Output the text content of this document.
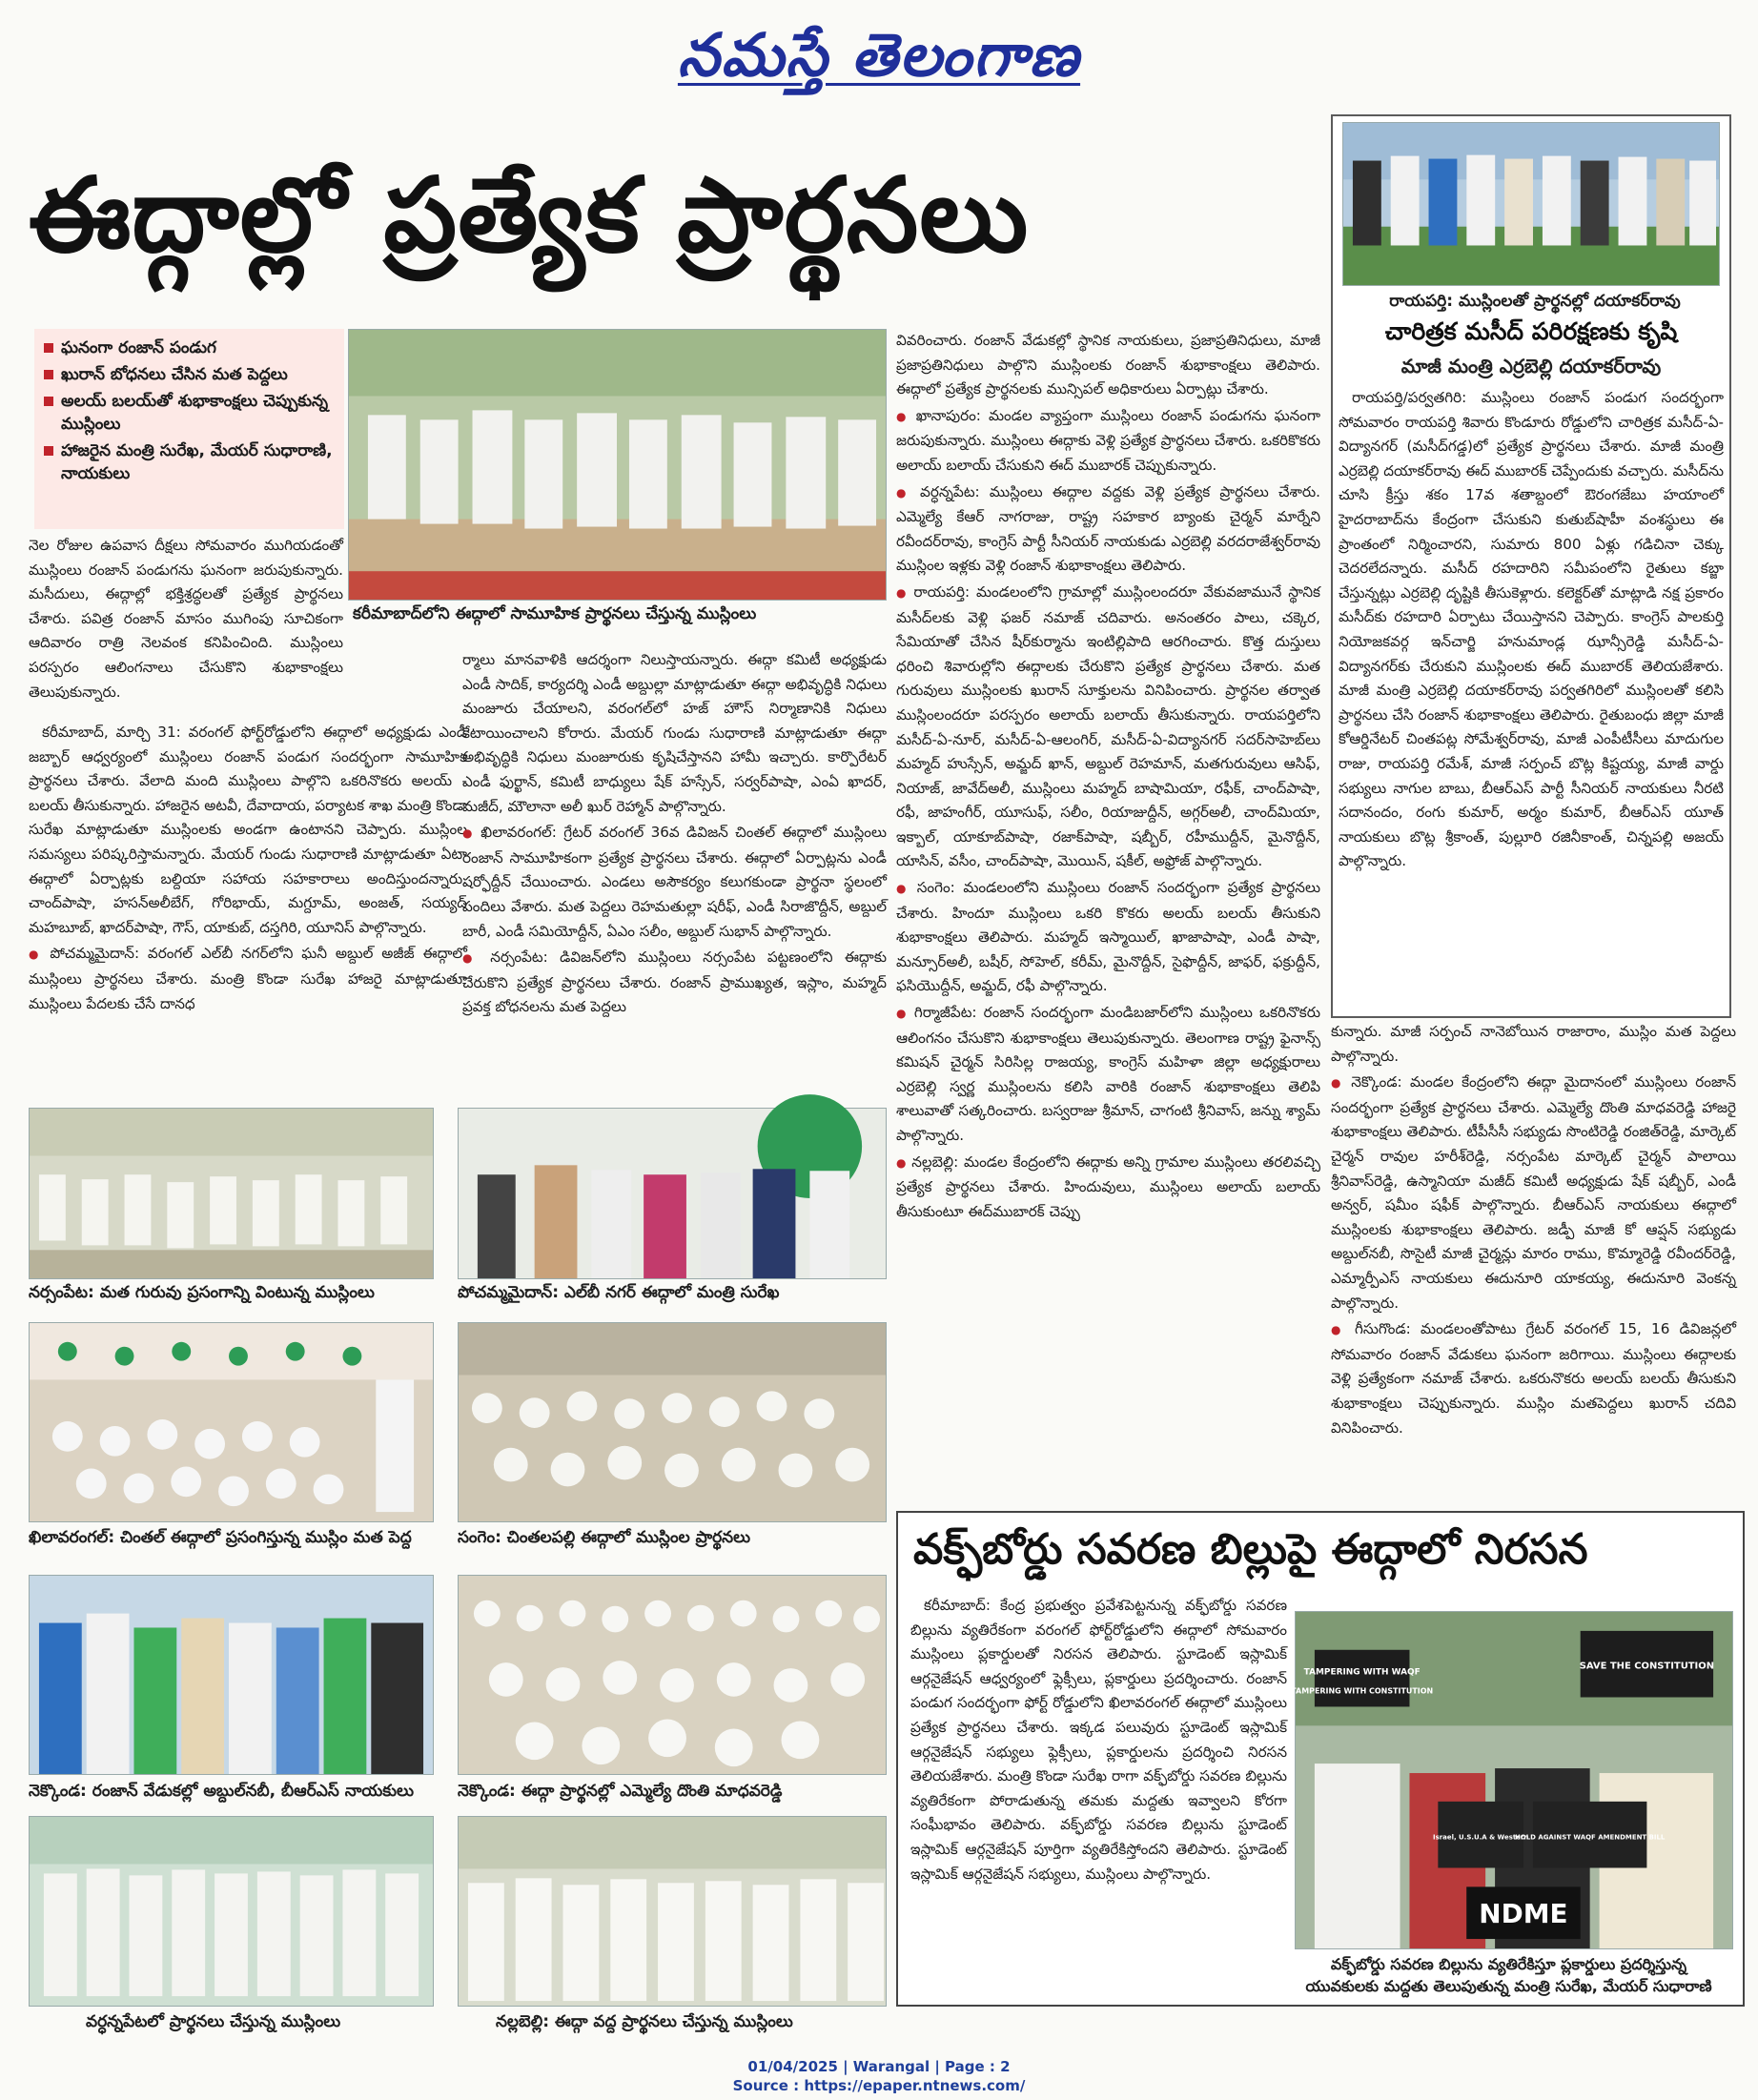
నమస్తే తెలంగాణ
ఈద్గాల్లో ప్రత్యేక ప్రార్థనలు
ఘనంగా రంజాన్ పండుగ
ఖురాన్ బోధనలు చేసిన మత పెద్దలు
అలయ్ బలయ్‌తో శుభాకాంక్షలు చెప్పుకున్న ముస్లింలు
హాజరైన మంత్రి సురేఖ, మేయర్ సుధారాణి, నాయకులు
కరీమాబాద్‌లోని ఈద్గాలో సామూహిక ప్రార్థనలు చేస్తున్న ముస్లింలు

నెల రోజుల ఉపవాస దీక్షలు సోమవారం ముగియడంతో ముస్లింలు రంజాన్ పండుగను ఘనంగా జరుపుకున్నారు. మసీదులు, ఈద్గాల్లో భక్తిశ్రద్ధలతో ప్రత్యేక ప్రార్థనలు చేశారు. పవిత్ర రంజాన్ మాసం ముగింపు సూచికంగా ఆదివారం రాత్రి నెలవంక కనిపించింది. ముస్లింలు పరస్పరం ఆలింగనాలు చేసుకొని శుభాకాంక్షలు తెలుపుకున్నారు.

కరీమాబాద్, మార్చి 31: వరంగల్ ఫోర్ట్‌రోడ్డులోని ఈద్గాలో అధ్యక్షుడు ఎండీ జబ్బార్ ఆధ్వర్యంలో ముస్లింలు రంజాన్ పండుగ సందర్భంగా సామూహిక ప్రార్థనలు చేశారు. వేలాది మంది ముస్లింలు పాల్గొని ఒకరినొకరు అలయ్ - బలయ్ తీసుకున్నారు. హాజరైన అటవీ, దేవాదాయ, పర్యాటక శాఖ మంత్రి కొండా సురేఖ మాట్లాడుతూ ముస్లింలకు అండగా ఉంటానని చెప్పారు. ముస్లింల సమస్యలు పరిష్కరిస్తామన్నారు. మేయర్ గుండు సుధారాణి మాట్లాడుతూ ఏటా ఈద్గాలో ఏర్పాట్లకు బల్దియా సహాయ సహకారాలు అందిస్తుందన్నారు. చాంద్‌పాషా, హసన్‌అలీబేగ్, గోరిభాయ్, మగ్దూమ్, అంజత్, సయ్యద్ మహబూబ్, ఖాదర్‌పాషా, గౌస్, యాకుబ్, దస్తగిరి, యూనిస్ పాల్గొన్నారు.

● పోచమ్మమైదాన్: వరంగల్ ఎల్‌బీ నగర్‌లోని ఘనీ అబ్దుల్ అజీజ్ ఈద్గాలో ముస్లింలు ప్రార్థనలు చేశారు. మంత్రి కొండా సురేఖ హాజరై మాట్లాడుతూ ముస్లింలు పేదలకు చేసే దానధ

ర్మాలు మానవాళికి ఆదర్శంగా నిలుస్తాయన్నారు. ఈద్గా కమిటీ అధ్యక్షుడు ఎండీ సాదిక్, కార్యదర్శి ఎండీ అబ్దుల్లా మాట్లాడుతూ ఈద్గా అభివృద్ధికి నిధులు మంజూరు చేయాలని, వరంగల్‌లో హజ్ హౌస్ నిర్మాణానికి నిధులు కేటాయించాలని కోరారు. మేయర్ గుండు సుధారాణి మాట్లాడుతూ ఈద్గా అభివృద్ధికి నిధులు మంజూరుకు కృషిచేస్తానని హామీ ఇచ్చారు. కార్పొరేటర్ ఎండీ ఫుర్ఖాన్, కమిటీ బాధ్యులు షేక్ హస్సేన్, సర్వర్‌పాషా, ఎంఏ ఖాదర్, మజీద్, మౌలానా అలీ ఖుర్ రెహ్మాన్ పాల్గొన్నారు.

● ఖిలావరంగల్: గ్రేటర్ వరంగల్ 36వ డివిజన్ చింతల్ ఈద్గాలో ముస్లింలు రంజాన్ సామూహికంగా ప్రత్యేక ప్రార్థనలు చేశారు. ఈద్గాలో ఏర్పాట్లను ఎండీ షర్ఫోద్దీన్ చేయించారు. ఎండలు అసౌకర్యం కలుగకుండా ప్రార్థనా స్థలంలో పందిలు వేశారు. మత పెద్దలు రెహమతుల్లా షరీఫ్, ఎండీ సిరాజొద్దీన్, అబ్దుల్ బారీ, ఎండీ సమియోద్దీన్, ఏఎం సలీం, అబ్దుల్ సుభాన్ పాల్గొన్నారు.

● నర్సంపేట: డివిజన్‌లోని ముస్లింలు నర్సంపేట పట్టణంలోని ఈద్గాకు చేరుకొని ప్రత్యేక ప్రార్థనలు చేశారు. రంజాన్ ప్రాముఖ్యత, ఇస్లాం, మహ్మద్ ప్రవక్త బోధనలను మత పెద్దలు

వివరించారు. రంజాన్ వేడుకల్లో స్థానిక నాయకులు, ప్రజాప్రతినిధులు, మాజీ ప్రజాప్రతినిధులు పాల్గొని ముస్లింలకు రంజాన్ శుభాకాంక్షలు తెలిపారు. ఈద్గాలో ప్రత్యేక ప్రార్థనలకు మున్సిపల్ అధికారులు ఏర్పాట్లు చేశారు.

● ఖానాపురం: మండల వ్యాప్తంగా ముస్లింలు రంజాన్ పండుగను ఘనంగా జరుపుకున్నారు. ముస్లింలు ఈద్గాకు వెళ్లి ప్రత్యేక ప్రార్థనలు చేశారు. ఒకరికొకరు అలాయ్ బలాయ్ చేసుకుని ఈద్ ముబారక్ చెప్పుకున్నారు.

● వర్ధన్నపేట: ముస్లింలు ఈద్గాల వద్దకు వెళ్లి ప్రత్యేక ప్రార్థనలు చేశారు. ఎమ్మెల్యే కేఆర్ నాగరాజు, రాష్ట్ర సహకార బ్యాంకు చైర్మన్ మార్నేని రవీందర్‌రావు, కాంగ్రెస్ పార్టీ సీనియర్ నాయకుడు ఎర్రబెల్లి వరదరాజేశ్వర్‌రావు ముస్లింల ఇళ్లకు వెళ్లి రంజాన్ శుభాకాంక్షలు తెలిపారు.

● రాయపర్తి: మండలంలోని గ్రామాల్లో ముస్లింలందరూ వేకువజామునే స్థానిక మసీద్‌లకు వెళ్లి ఫజర్ నమాజ్ చదివారు. అనంతరం పాలు, చక్కెర, సేమియాతో చేసిన షీర్‌కుర్మాను ఇంటిల్లిపాది ఆరగించారు. కొత్త దుస్తులు ధరించి శివారుల్లోని ఈద్గాలకు చేరుకొని ప్రత్యేక ప్రార్థనలు చేశారు. మత గురువులు ముస్లింలకు ఖురాన్ సూక్తులను వినిపించారు. ప్రార్థనల తర్వాత ముస్లింలందరూ పరస్పరం అలాయ్ బలాయ్ తీసుకున్నారు. రాయపర్తిలోని మసీద్-ఏ-నూర్, మసీద్-ఏ-ఆలంగిర్, మసీద్-ఏ-విద్యానగర్ సదర్‌సాహెబ్‌లు మహ్మద్ హుస్సేన్, అమ్జద్ ఖాన్, అబ్దుల్ రెహమాన్, మతగురువులు ఆసిఫ్, నియాజ్, జావేద్‌అలీ, ముస్లింలు మహ్మద్ బాషామియా, రఫీక్, చాంద్‌పాషా, రఫీ, జాహంగీర్, యూసుఫ్, సలీం, రియాజుద్దీన్, అగ్గర్‌అలీ, చాంద్‌మియా, ఇక్బాల్, యాకూబ్‌పాషా, రజాక్‌పాషా, షబ్బీర్, రహీముద్దీన్, మైనొద్దీన్, యాసిన్, వసీం, చాంద్‌పాషా, మొయిన్, షకీల్, అఫ్రోజ్ పాల్గొన్నారు.

● సంగెం: మండలంలోని ముస్లింలు రంజాన్ సందర్భంగా ప్రత్యేక ప్రార్థనలు చేశారు. హిందూ ముస్లింలు ఒకరి కొకరు అలయ్ బలయ్ తీసుకుని శుభాకాంక్షలు తెలిపారు. మహ్మద్ ఇస్మాయిల్, ఖాజాపాషా, ఎండీ పాషా, మన్సూర్‌అలీ, బషీర్, సోహెల్, కరీమ్, మైనొద్దీన్, సైఫొద్దీన్, జాఫర్, ఫక్రుద్దీన్, ఫసియొద్దీన్, అమ్జద్, రఫీ పాల్గొన్నారు.

● గిర్మాజీపేట: రంజాన్ సందర్భంగా మండిబజార్‌లోని ముస్లింలు ఒకరినొకరు ఆలింగనం చేసుకొని శుభాకాంక్షలు తెలుపుకున్నారు. తెలంగాణ రాష్ట్ర ఫైనాన్స్ కమిషన్ చైర్మన్ సిరిసిల్ల రాజయ్య, కాంగ్రెస్ మహిళా జిల్లా అధ్యక్షురాలు ఎర్రబెల్లి స్వర్ణ ముస్లింలను కలిసి వారికి రంజాన్ శుభాకాంక్షలు తెలిపి శాలువాతో సత్కరించారు. బస్వరాజు శ్రీమాన్, చాగంటి శ్రీనివాస్, జన్ను శ్యామ్ పాల్గొన్నారు.

● నల్లబెల్లి: మండల కేంద్రంలోని ఈద్గాకు అన్ని గ్రామాల ముస్లింలు తరలివచ్చి ప్రత్యేక ప్రార్థనలు చేశారు. హిందువులు, ముస్లింలు అలాయ్ బలాయ్ తీసుకుంటూ ఈద్‌ముబారక్ చెప్పు

నర్సంపేట: మత గురువు ప్రసంగాన్ని వింటున్న ముస్లింలు	పోచమ్మమైదాన్: ఎల్‌బీ నగర్ ఈద్గాలో మంత్రి సురేఖ
ఖిలావరంగల్: చింతల్ ఈద్గాలో ప్రసంగిస్తున్న ముస్లిం మత పెద్ద	సంగెం: చింతలపల్లి ఈద్గాలో ముస్లింల ప్రార్థనలు
నెక్కొండ: రంజాన్ వేడుకల్లో అబ్దుల్‌నబీ, బీఆర్‌ఎస్ నాయకులు	నెక్కొండ: ఈద్గా ప్రార్థనల్లో ఎమ్మెల్యే దొంతి మాధవరెడ్డి
వర్ధన్నపేటలో ప్రార్థనలు చేస్తున్న ముస్లింలు	నల్లబెల్లి: ఈద్గా వద్ద ప్రార్థనలు చేస్తున్న ముస్లింలు
రాయపర్తి: ముస్లింలతో ప్రార్థనల్లో దయాకర్‌రావు
చారిత్రక మసీద్ పరిరక్షణకు కృషి
మాజీ మంత్రి ఎర్రబెల్లి దయాకర్‌రావు

రాయపర్తి/పర్వతగిరి: ముస్లింలు రంజాన్ పండుగ సందర్భంగా సోమవారం రాయపర్తి శివారు కొండూరు రోడ్డులోని చారిత్రక మసీద్-ఏ-విద్యానగర్ (మసీద్‌గడ్డ)లో ప్రత్యేక ప్రార్థనలు చేశారు. మాజీ మంత్రి ఎర్రబెల్లి దయాకర్‌రావు ఈద్ ముబారక్ చెప్పేందుకు వచ్చారు. మసీద్‌ను చూసి క్రీస్తు శకం 17వ శతాబ్దంలో ఔరంగజేబు హయాంలో హైదరాబాద్‌ను కేంద్రంగా చేసుకుని కుతుబ్‌షాహీ వంశస్థులు ఈ ప్రాంతంలో నిర్మించారని, సుమారు 800 ఏళ్లు గడిచినా చెక్కు చెదరలేదన్నారు. మసీద్ రహదారిని సమీపంలోని రైతులు కబ్జా చేస్తున్నట్లు ఎర్రబెల్లి దృష్టికి తీసుకెళ్లారు. కలెక్టర్‌తో మాట్లాడి నక్ష ప్రకారం మసీద్‌కు రహదారి ఏర్పాటు చేయిస్తానని చెప్పారు. కాంగ్రెస్ పాలకుర్తి నియోజకవర్గ ఇన్‌చార్జి హనుమాండ్ల ఝాన్సీరెడ్డి మసీద్-ఏ-విద్యానగర్‌కు చేరుకుని ముస్లింలకు ఈద్ ముబారక్ తెలియజేశారు. మాజీ మంత్రి ఎర్రబెల్లి దయాకర్‌రావు పర్వతగిరిలో ముస్లింలతో కలిసి ప్రార్థనలు చేసి రంజాన్ శుభాకాంక్షలు తెలిపారు. రైతుబంధు జిల్లా మాజీ కోఆర్డినేటర్ చింతపట్ల సోమేశ్వర్‌రావు, మాజీ ఎంపీటీసీలు మాదుగుల రాజు, రాయపర్తి రమేశ్, మాజీ సర్పంచ్ బొట్ల కిష్టయ్య, మాజీ వార్డు సభ్యులు నాగుల బాబు, బీఆర్‌ఎస్ పార్టీ సీనియర్ నాయకులు నీరటి సదానందం, రంగు కుమార్, అర్మం కుమార్, బీఆర్‌ఎస్ యూత్ నాయకులు బొట్ల శ్రీకాంత్, పుల్లూరి రజినీకాంత్, చిన్నపల్లి అజయ్ పాల్గొన్నారు.

కున్నారు. మాజీ సర్పంచ్ నానెబోయిన రాజారాం, ముస్లిం మత పెద్దలు పాల్గొన్నారు.

● నెక్కొండ: మండల కేంద్రంలోని ఈద్గా మైదానంలో ముస్లింలు రంజాన్ సందర్భంగా ప్రత్యేక ప్రార్థనలు చేశారు. ఎమ్మెల్యే దొంతి మాధవరెడ్డి హాజరై శుభాకాంక్షలు తెలిపారు. టీపీసీసీ సభ్యుడు సొంటిరెడ్డి రంజిత్‌రెడ్డి, మార్కెట్ చైర్మన్ రావుల హరీశ్‌రెడ్డి, నర్సంపేట మార్కెట్ చైర్మన్ పాలాయి శ్రీనివాస్‌రెడ్డి, ఉస్మానియా మజీద్ కమిటీ అధ్యక్షుడు షేక్ షబ్బీర్, ఎండీ అన్వర్, షమీం షఫీక్ పాల్గొన్నారు. బీఆర్‌ఎస్ నాయకులు ఈద్గాలో ముస్లింలకు శుభాకాంక్షలు తెలిపారు. జడ్పీ మాజీ కో ఆప్షన్ సభ్యుడు అబ్దుల్‌నబీ, సొసైటీ మాజీ చైర్మన్లు మారం రాము, కొమ్మారెడ్డి రవీందర్‌రెడ్డి, ఎమ్మార్పీఎస్ నాయకులు ఈదునూరి యాకయ్య, ఈదునూరి వెంకన్న పాల్గొన్నారు.

● గీసుగొండ: మండలంతోపాటు గ్రేటర్ వరంగల్ 15, 16 డివిజన్లలో సోమవారం రంజాన్ వేడుకలు ఘనంగా జరిగాయి. ముస్లింలు ఈద్గాలకు వెళ్లి ప్రత్యేకంగా నమాజ్ చేశారు. ఒకరునొకరు అలయ్ బలయ్ తీసుకుని శుభాకాంక్షలు చెప్పుకున్నారు. ముస్లిం మతపెద్దలు ఖురాన్ చదివి వినిపించారు.

వక్ఫ్‌బోర్డు సవరణ బిల్లుపై ఈద్గాలో నిరసన

కరీమాబాద్: కేంద్ర ప్రభుత్వం ప్రవేశపెట్టనున్న వక్ఫ్‌బోర్డు సవరణ బిల్లును వ్యతిరేకంగా వరంగల్ ఫోర్ట్‌రోడ్డులోని ఈద్గాలో సోమవారం ముస్లింలు ప్లకార్డులతో నిరసన తెలిపారు. స్టూడెంట్ ఇస్లామిక్ ఆర్గనైజేషన్ ఆధ్వర్యంలో ఫ్లెక్సీలు, ప్లకార్డులు ప్రదర్శించారు. రంజాన్ పండుగ సందర్భంగా ఫోర్ట్ రోడ్డులోని ఖిలావరంగల్ ఈద్గాలో ముస్లింలు ప్రత్యేక ప్రార్థనలు చేశారు. ఇక్కడ పలువురు స్టూడెంట్ ఇస్లామిక్ ఆర్గనైజేషన్ సభ్యులు ఫ్లెక్సీలు, ప్లకార్డులను ప్రదర్శించి నిరసన తెలియజేశారు. మంత్రి కొండా సురేఖ రాగా వక్ఫ్‌బోర్డు సవరణ బిల్లును వ్యతిరేకంగా పోరాడుతున్న తమకు మద్దతు ఇవ్వాలని కోరగా సంఘీభావం తెలిపారు. వక్ఫ్‌బోర్డు సవరణ బిల్లును స్టూడెంట్ ఇస్లామిక్ ఆర్గనైజేషన్ పూర్తిగా వ్యతిరేకిస్తోందని తెలిపారు. స్టూడెంట్ ఇస్లామిక్ ఆర్గనైజేషన్ సభ్యులు, ముస్లింలు పాల్గొన్నారు.

TAMPERING WITH WAQF
TAMPERING WITH CONSTITUTION
SAVE THE CONSTITUTION
Israel, U.S.U.A & Western
HOLD AGAINST WAQF AMENDMENT BILL
NDME
వక్ఫ్‌బోర్డు సవరణ బిల్లును వ్యతిరేకిస్తూ ప్లకార్డులు ప్రదర్శిస్తున్న
యువకులకు మద్దతు తెలుపుతున్న మంత్రి సురేఖ, మేయర్ సుధారాణి
01/04/2025 | Warangal | Page : 2
Source : https://epaper.ntnews.com/
